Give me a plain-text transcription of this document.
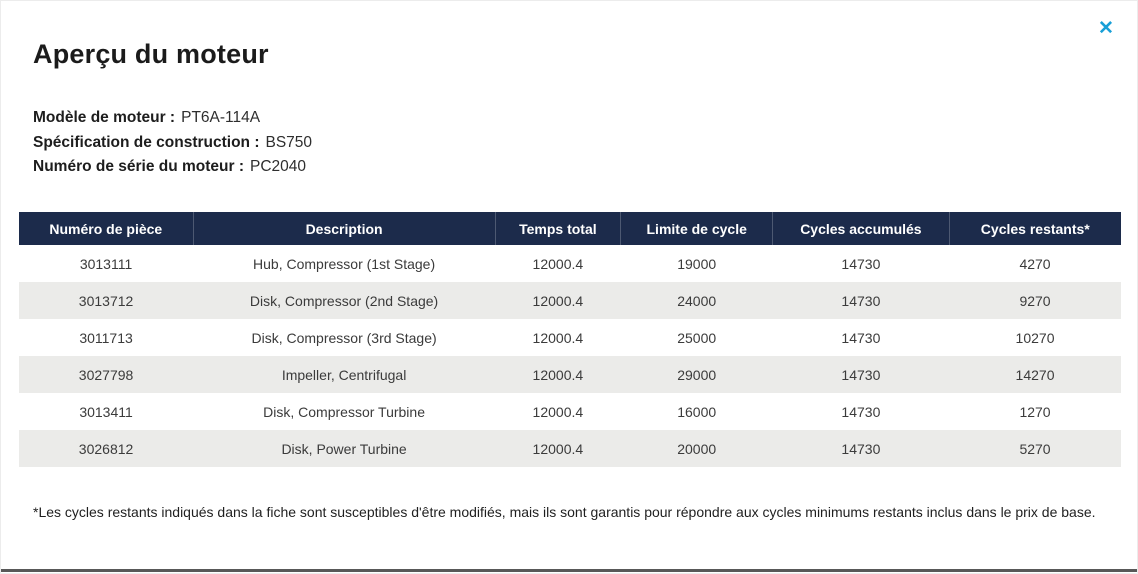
✕
Aperçu du moteur
Modèle de moteur : PT6A-114A
Spécification de construction : BS750
Numéro de série du moteur : PC2040
Numéro de pièce	Description	Temps total	Limite de cycle	Cycles accumulés	Cycles restants*
3013111	Hub, Compressor (1st Stage)	12000.4	19000	14730	4270
3013712	Disk, Compressor (2nd Stage)	12000.4	24000	14730	9270
3011713	Disk, Compressor (3rd Stage)	12000.4	25000	14730	10270
3027798	Impeller, Centrifugal	12000.4	29000	14730	14270
3013411	Disk, Compressor Turbine	12000.4	16000	14730	1270
3026812	Disk, Power Turbine	12000.4	20000	14730	5270

*Les cycles restants indiqués dans la fiche sont susceptibles d'être modifiés, mais ils sont garantis pour répondre aux cycles minimums restants inclus dans le prix de base.
